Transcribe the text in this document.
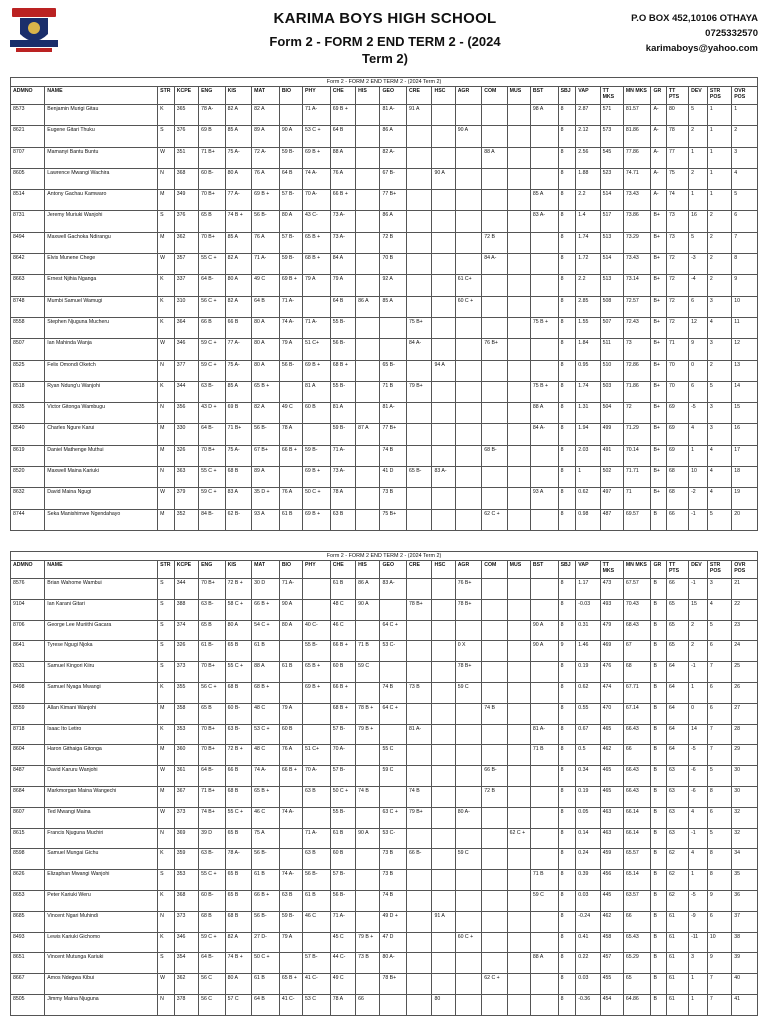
KARIMA BOYS HIGH SCHOOL
Form 2 - FORM 2 END TERM 2 - (2024 Term 2)
P.O BOX 452,10106 OTHAYA
0725332570
karimaboys@yahoo.com
Form 2 - FORM 2 END TERM 2 - (2024 Term 2)																										
ADMNO	NAME	STR	KCPE	ENG	KIS	MAT	BIO	PHY	CHE	HIS	GEO	CRE	HSC	AGR	COM	MUS	BST	SBJ	VAP	TT MKS	MN MKS	GR	TT PTS	DEV	STR POS	OVR POS
8573	Benjamin Murigi Gitau	K	365	78 A-	82 A	82 A		71 A-	69 B +		81 A-	91 A					98 A	8	2.87	571	81.57	A-	80	5	1	1
8621	Eugene Gitari Thuku	S	376	69 B	85 A	89 A	90 A	53 C +	64 B		86 A			90 A				8	2.12	573	81.86	A-	78	2	1	2
8707	Mamanyi Bantu Buntu	W	351	71 B+	75 A-	72 A-	59 B-	69 B +	88 A		82 A-				88 A			8	2.56	545	77.86	A-	77	1	1	3
8605	Lawrence Mwangi Wachira	N	368	60 B-	80 A	76 A	64 B	74 A-	76 A		67 B-		90 A					8	1.88	523	74.71	A-	75	2	1	4
8514	Antony Gachau Kamwaro	M	349	70 B+	77 A-	69 B +	57 B-	70 A-	66 B +		77 B+						85 A	8	2.2	514	73.43	A-	74	1	1	5
8731	Jeremy Muriuki Wanjohi	S	376	65 B	74 B +	56 B-	80 A	43 C-	73 A-		86 A						83 A-	8	1.4	517	73.86	B+	73	16	2	6
8494	Maxwell Gachoka Ndirangu	M	362	70 B+	85 A	76 A	57 B-	65 B +	73 A-		72 B				72 B			8	1.74	513	73.29	B+	73	5	2	7
8642	Elvis Munene Chege	W	357	55 C +	82 A	71 A-	59 B-	68 B +	84 A		70 B				84 A-			8	1.72	514	73.43	B+	72	-3	2	8
8663	Ernest Njihia Nganga	K	337	64 B-	80 A	49 C	69 B +	79 A	79 A		92 A			61 C+				8	2.2	513	73.14	B+	72	-4	2	9
8748	Mumbi Samuel Wamugi	K	310	56 C +	82 A	64 B	71 A-		64 B	86 A	85 A			60 C +				8	2.85	508	72.57	B+	72	6	3	10
8558	Stephen Njuguna Mucheru	K	364	66 B	66 B	80 A	74 A-	71 A-	55 B-			75 B+					75 B +	8	1.55	507	72.43	B+	72	12	4	11
8507	Ian Mahinda Wanja	W	346	59 C +	77 A-	80 A	79 A	51 C+	56 B-			84 A-			76 B+			8	1.84	511	73	B+	71	9	3	12
8525	Felix Omondi Oketch	N	377	59 C +	75 A-	80 A	56 B-	69 B +	68 B +		65 B-		94 A					8	0.95	510	72.86	B+	70	0	2	13
8518	Ryan Ndung'u Wanjohi	K	344	63 B-	85 A	65 B +		81 A	55 B-		71 B	79 B+					75 B +	8	1.74	503	71.86	B+	70	6	5	14
8635	Victor Gitonga Wambugu	N	356	43 D +	69 B	82 A	49 C	60 B	81 A		81 A-						88 A	8	1.31	504	72	B+	69	-5	3	15
8540	Charles Ngure Karui	M	330	64 B-	71 B+	56 B-	78 A		59 B-	87 A	77 B+						84 A-	8	1.94	499	71.29	B+	69	4	3	16
8619	Daniel Mathenge Muthui	M	326	70 B+	75 A-	67 B+	66 B +	59 B-	71 A-		74 B				68 B-			8	2.03	491	70.14	B+	69	1	4	17
8520	Maxwell Maina Kariuki	N	363	55 C +	68 B	89 A		69 B +	73 A-		41 D	65 B-	83 A-					8	1	502	71.71	B+	68	10	4	18
8632	David Maina Ngugi	W	379	59 C +	83 A	35 D +	76 A	50 C +	78 A		73 B						93 A	8	0.62	497	71	B+	68	-2	4	19
8744	Seka Manishimwe Ngendahayo	M	352	84 B-	62 B-	93 A	61 B	69 B +	63 B		75 B+				62 C +			8	0.98	487	69.57	B	66	-1	5	20
Form 2 - FORM 2 END TERM 2 - (2024 Term 2)																										
ADMNO	NAME	STR	KCPE	ENG	KIS	MAT	BIO	PHY	CHE	HIS	GEO	CRE	HSC	AGR	COM	MUS	BST	SBJ	VAP	TT MKS	MN MKS	GR	TT PTS	DEV	STR POS	OVR POS
8576	Brian Wahome Wambui	S	344	70 B+	72 B +	30 D	71 A-		61 B	86 A	83 A-			76 B+				8	1.17	473	67.57	B	66	-1	3	21
9104	Ian Karani Gitari	S	388	63 B-	58 C +	66 B +	90 A		48 C	90 A		78 B+		78 B+				8	-0.03	493	70.43	B	65	15	4	22
8706	George Lee Muriithi Gacara	S	374	65 B	80 A	54 C +	80 A	40 C-	46 C		64 C +						90 A	8	0.31	479	68.43	B	65	2	5	23
8641	Tyrese Ngugi Njoka	S	326	61 B-	65 B	61 B		55 B-	66 B +	71 B	53 C-			0 X			90 A	9	1.46	469	67	B	65	2	6	24
8531	Samuel Kingori Kiiru	S	373	70 B+	55 C +	88 A	61 B	65 B +	60 B	59 C				78 B+				8	0.19	476	68	B	64	-1	7	25
8498	Samuel Nyaga Mwangi	K	355	56 C +	68 B	68 B +		69 B +	66 B +		74 B	73 B		59 C				8	0.62	474	67.71	B	64	1	6	26
8559	Allan Kimani Wanjohi	M	358	65 B	60 B-	48 C	79 A		68 B +	78 B +	64 C +				74 B			8	0.55	470	67.14	B	64	0	6	27
8718	Isaac Ito Letiro	K	353	70 B+	63 B-	53 C +	60 B		57 B-	79 B +		81 A-					81 A-	8	0.67	465	66.43	B	64	14	7	28
8604	Haron Githaiga Gitonga	M	360	70 B+	72 B +	48 C	76 A	51 C+	70 A-		55 C						71 B	8	0.5	462	66	B	64	-5	7	29
8487	David Karuru Wanjohi	W	361	64 B-	66 B	74 A-	66 B +	70 A-	57 B-		59 C				66 B-			8	0.34	465	66.43	B	63	-6	5	30
8684	Markmorgan Maina Wangechi	M	367	71 B+	68 B	65 B +		63 B	50 C +	74 B		74 B			72 B			8	0.19	465	66.43	B	63	-6	8	30
8607	Ted Mwangi Maina	W	373	74 B+	55 C +	46 C	74 A-		55 B-		63 C +	79 B+		80 A-				8	0.05	463	66.14	B	63	4	6	32
8615	Francis Njuguna Muchiri	N	369	39 D	65 B	75 A		71 A-	61 B	90 A	53 C-					62 C +		8	0.14	463	66.14	B	63	-1	5	32
8598	Samuel Mungai Gichu	K	359	63 B-	78 A-	56 B-		63 B	60 B		73 B	66 B-		59 C				8	0.24	459	65.57	B	62	4	8	34
8626	Elizaphan Mwangi Wanjohi	S	353	55 C +	65 B	61 B	74 A-	56 B-	57 B-		73 B						71 B	8	0.39	456	65.14	B	62	1	8	35
8653	Peter Kariuki Weru	K	368	60 B-	65 B	66 B +	63 B	61 B	56 B-		74 B						59 C	8	0.03	445	63.57	B	62	-5	9	36
8685	Vincent Ngari Muhindi	N	373	68 B	68 B	56 B-	59 B-	46 C	71 A-		49 D +		91 A					8	-0.24	462	66	B	61	-9	6	37
8493	Lewis Kariuki Gichomo	K	346	59 C +	82 A	27 D-	79 A		45 C	79 B +	47 D			60 C +				8	0.41	458	65.43	B	61	-11	10	38
8651	Vincent Mutunga Kariuki	S	354	64 B-	74 B +	50 C +		57 B-	44 C-	73 B	80 A-						88 A	8	0.22	457	65.29	B	61	3	9	39
8667	Amos Ndegwa Kibui	W	362	56 C	80 A	61 B	65 B +	41 C-	49 C		78 B+				62 C +			8	0.03	455	65	B	61	1	7	40
8505	Jimmy Maina Njuguna	N	378	56 C	57 C	64 B	41 C-	53 C	78 A	66			80					8	-0.36	454	64.86	B	61	1	7	41
